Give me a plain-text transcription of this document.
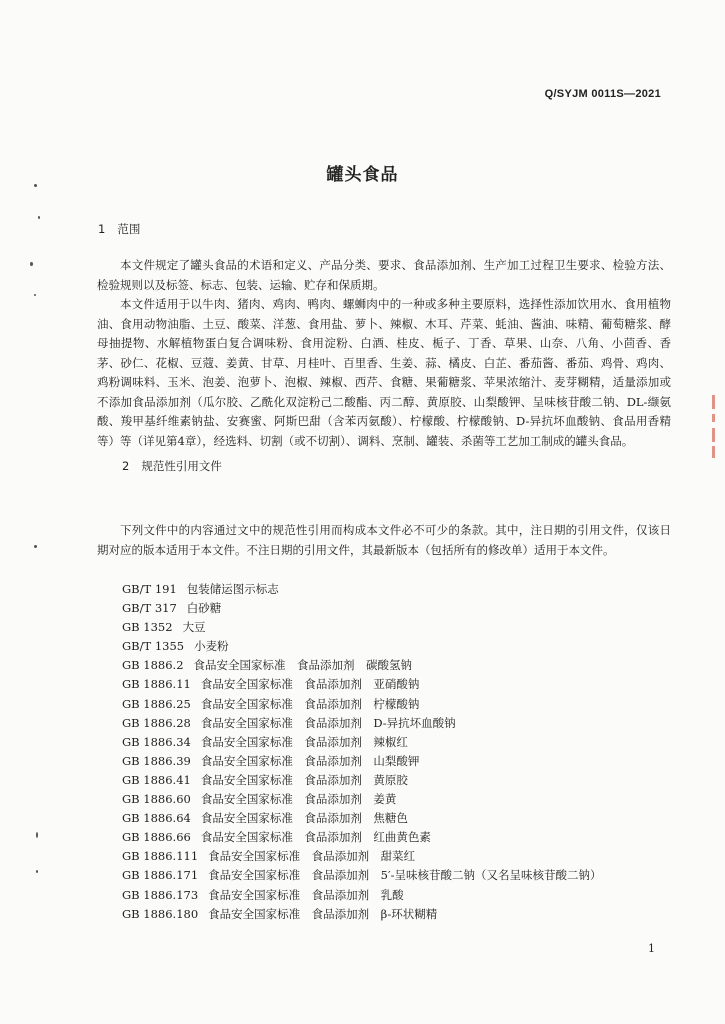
Q/SYJM 0011S—2021
罐头食品
1 范围
本文件规定了罐头食品的术语和定义、产品分类、要求、食品添加剂、生产加工过程卫生要求、检验方法、检验规则以及标签、标志、包装、运输、贮存和保质期。
本文件适用于以牛肉、猪肉、鸡肉、鸭肉、螺蛳肉中的一种或多种主要原料，选择性添加饮用水、食用植物油、食用动物油脂、土豆、酸菜、洋葱、食用盐、萝卜、辣椒、木耳、芹菜、蚝油、酱油、味精、葡萄糖浆、酵母抽提物、水解植物蛋白复合调味粉、食用淀粉、白酒、桂皮、栀子、丁香、草果、山奈、八角、小茴香、香茅、砂仁、花椒、豆蔻、姜黄、甘草、月桂叶、百里香、生姜、蒜、橘皮、白芷、番茄酱、番茄、鸡骨、鸡肉、鸡粉调味料、玉米、泡姜、泡萝卜、泡椒、辣椒、西芹、食糖、果葡糖浆、苹果浓缩汁、麦芽糊精，适量添加或不添加食品添加剂（瓜尔胶、乙酰化双淀粉己二酸酯、丙二醇、黄原胶、山梨酸钾、呈味核苷酸二钠、DL-缬氨酸、羧甲基纤维素钠盐、安赛蜜、阿斯巴甜（含苯丙氨酸）、柠檬酸、柠檬酸钠、D-异抗坏血酸钠、食品用香精等）等（详见第4章），经选料、切割（或不切割）、调料、烹制、罐装、杀菌等工艺加工制成的罐头食品。
2 规范性引用文件
下列文件中的内容通过文中的规范性引用而构成本文件必不可少的条款。其中，注日期的引用文件，仅该日期对应的版本适用于本文件。不注日期的引用文件，其最新版本（包括所有的修改单）适用于本文件。
GB/T 191 包装储运图示标志
GB/T 317 白砂糖
GB 1352 大豆
GB/T 1355 小麦粉
GB 1886.2 食品安全国家标准　食品添加剂　碳酸氢钠
GB 1886.11 食品安全国家标准　食品添加剂　亚硝酸钠
GB 1886.25 食品安全国家标准　食品添加剂　柠檬酸钠
GB 1886.28 食品安全国家标准　食品添加剂　D-异抗坏血酸钠
GB 1886.34 食品安全国家标准　食品添加剂　辣椒红
GB 1886.39 食品安全国家标准　食品添加剂　山梨酸钾
GB 1886.41 食品安全国家标准　食品添加剂　黄原胶
GB 1886.60 食品安全国家标准　食品添加剂　姜黄
GB 1886.64 食品安全国家标准　食品添加剂　焦糖色
GB 1886.66 食品安全国家标准　食品添加剂　红曲黄色素
GB 1886.111 食品安全国家标准　食品添加剂　甜菜红
GB 1886.171 食品安全国家标准　食品添加剂　5′-呈味核苷酸二钠（又名呈味核苷酸二钠）
GB 1886.173 食品安全国家标准　食品添加剂　乳酸
GB 1886.180 食品安全国家标准　食品添加剂　β-环状糊精
1
